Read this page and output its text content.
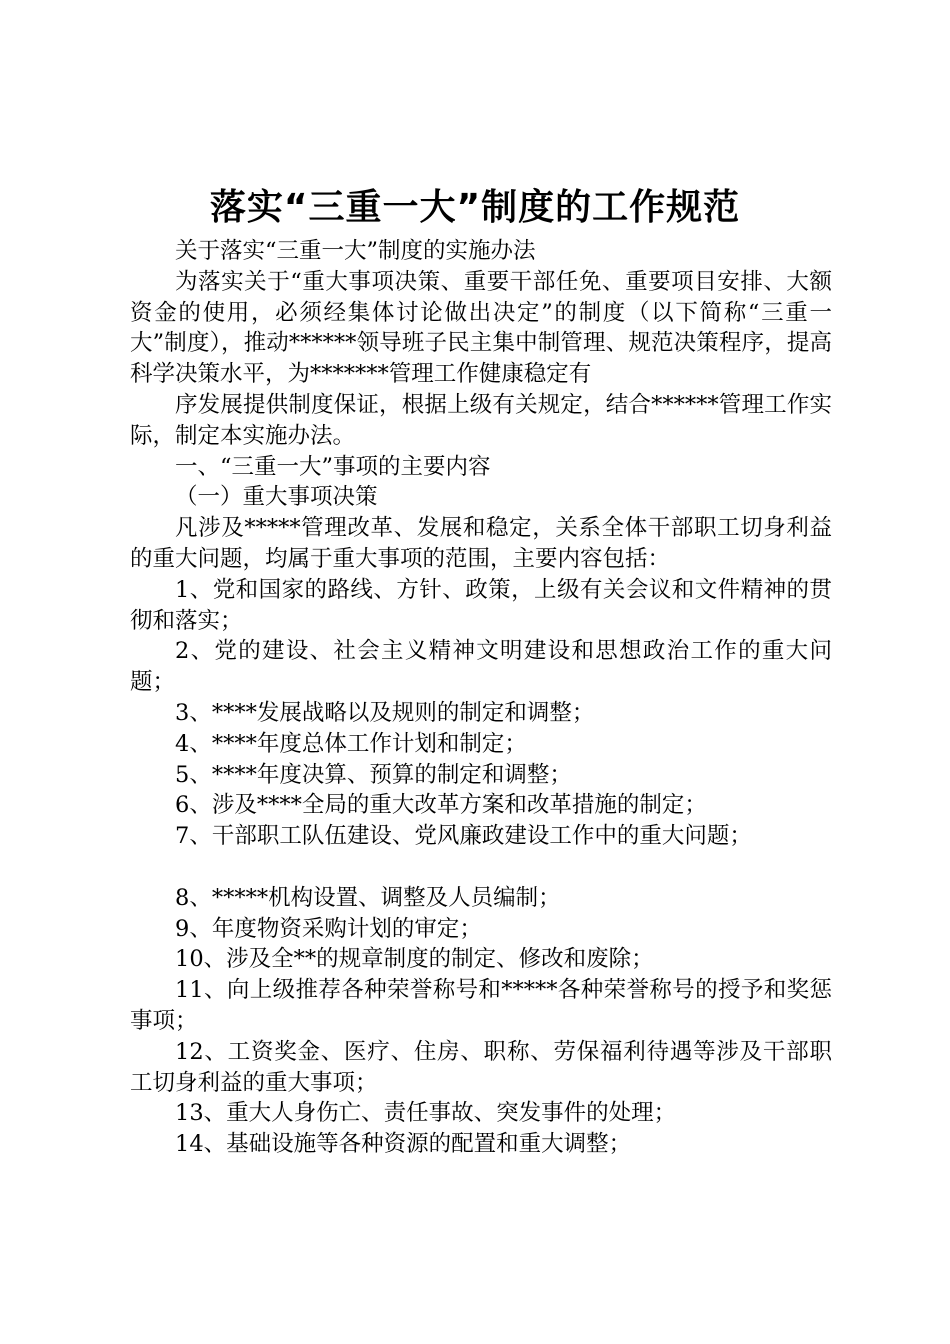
落实“三重一大”制度的工作规范

关于落实“三重一大”制度的实施办法

为落实关于“重大事项决策、重要干部任免、重要项目安排、大额资金的使用，必须经集体讨论做出决定”的制度（以下简称“三重一大”制度），推动******领导班子民主集中制管理、规范决策程序，提高科学决策水平，为*******管理工作健康稳定有

序发展提供制度保证，根据上级有关规定，结合******管理工作实际，制定本实施办法。

一、“三重一大”事项的主要内容

（一）重大事项决策

凡涉及*****管理改革、发展和稳定，关系全体干部职工切身利益的重大问题，均属于重大事项的范围，主要内容包括：

1、党和国家的路线、方针、政策，上级有关会议和文件精神的贯彻和落实；

2、党的建设、社会主义精神文明建设和思想政治工作的重大问题；

3、****发展战略以及规则的制定和调整；

4、****年度总体工作计划和制定；

5、****年度决算、预算的制定和调整；

6、涉及****全局的重大改革方案和改革措施的制定；

7、干部职工队伍建设、党风廉政建设工作中的重大问题；

8、*****机构设置、调整及人员编制；

9、年度物资采购计划的审定；

10、涉及全**的规章制度的制定、修改和废除；

11、向上级推荐各种荣誉称号和*****各种荣誉称号的授予和奖惩事项；

12、工资奖金、医疗、住房、职称、劳保福利待遇等涉及干部职工切身利益的重大事项；

13、重大人身伤亡、责任事故、突发事件的处理；

14、基础设施等各种资源的配置和重大调整；
